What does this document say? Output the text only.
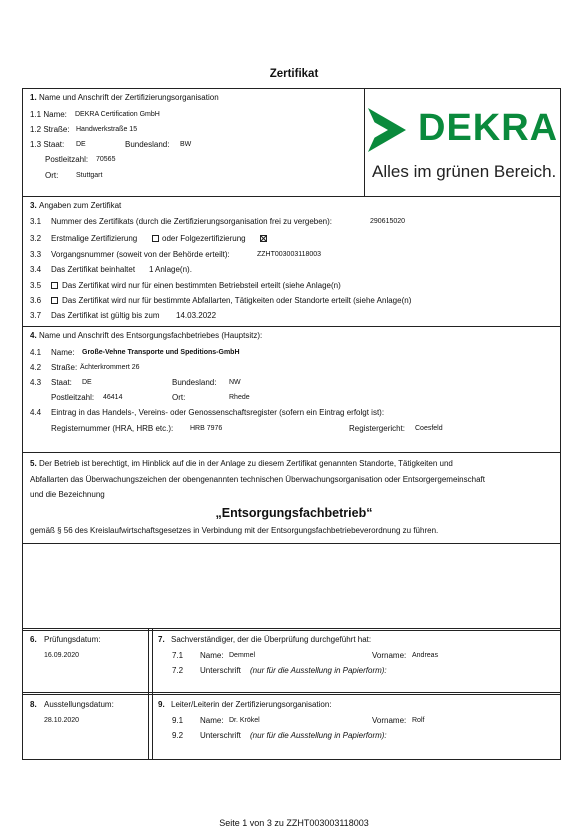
Zertifikat
DEKRA
Alles im grünen Bereich.
1. Name und Anschrift der Zertifizierungsorganisation
1.1 Name: DEKRA Certification GmbH
1.2 Straße: Handwerkstraße 15
1.3 Staat: DE	Bundesland: BW
Postleitzahl: 70565
Ort:	Stuttgart
3. Angaben zum Zertifikat
3.1 Nummer des Zertifikats (durch die Zertifizierungsorganisation frei zu vergeben):	290615020
3.2 Erstmalige Zertifizierung	oder Folgezertifizierung
3.3 Vorgangsnummer (soweit von der Behörde erteilt):	ZZHT003003118003
3.4 Das Zertifikat beinhaltet 1 Anlage(n).
3.5	Das Zertifikat wird nur für einen bestimmten Betriebsteil erteilt (siehe Anlage(n)
3.6	Das Zertifikat wird nur für bestimmte Abfallarten, Tätigkeiten oder Standorte erteilt (siehe Anlage(n)
3.7 Das Zertifikat ist gültig bis zum 14.03.2022
4. Name und Anschrift des Entsorgungsfachbetriebes (Hauptsitz):
4.1 Name: Große-Vehne Transporte und Speditions-GmbH
4.2 Straße: Ächterkrommert 26
4.3 Staat: DE	Bundesland: NW
Postleitzahl: 46414	Ort:	Rhede
4.4 Eintrag in das Handels-, Vereins- oder Genossenschaftsregister (sofern ein Eintrag erfolgt ist):
Registernummer (HRA, HRB etc.): HRB 7976	Registergericht: Coesfeld
5. Der Betrieb ist berechtigt, im Hinblick auf die in der Anlage zu diesem Zertifikat genannten Standorte, Tätigkeiten und
Abfallarten das Überwachungszeichen der obengenannten technischen Überwachungsorganisation oder Entsorgergemeinschaft
und die Bezeichnung
„Entsorgungsfachbetrieb“
gemäß § 56 des Kreislaufwirtschaftsgesetzes in Verbindung mit der Entsorgungsfachbetriebeverordnung zu führen.
6. Prüfungsdatum:
16.09.2020
7. Sachverständiger, der die Überprüfung durchgeführt hat:
7.1 Name: Demmel	Vorname: Andreas
7.2 Unterschrift (nur für die Ausstellung in Papierform):
8. Ausstellungsdatum:
28.10.2020
9. Leiter/Leiterin der Zertifizierungsorganisation:
9.1 Name: Dr. Krökel	Vorname: Rolf
9.2 Unterschrift (nur für die Ausstellung in Papierform):
Seite 1 von 3 zu ZZHT003003118003
